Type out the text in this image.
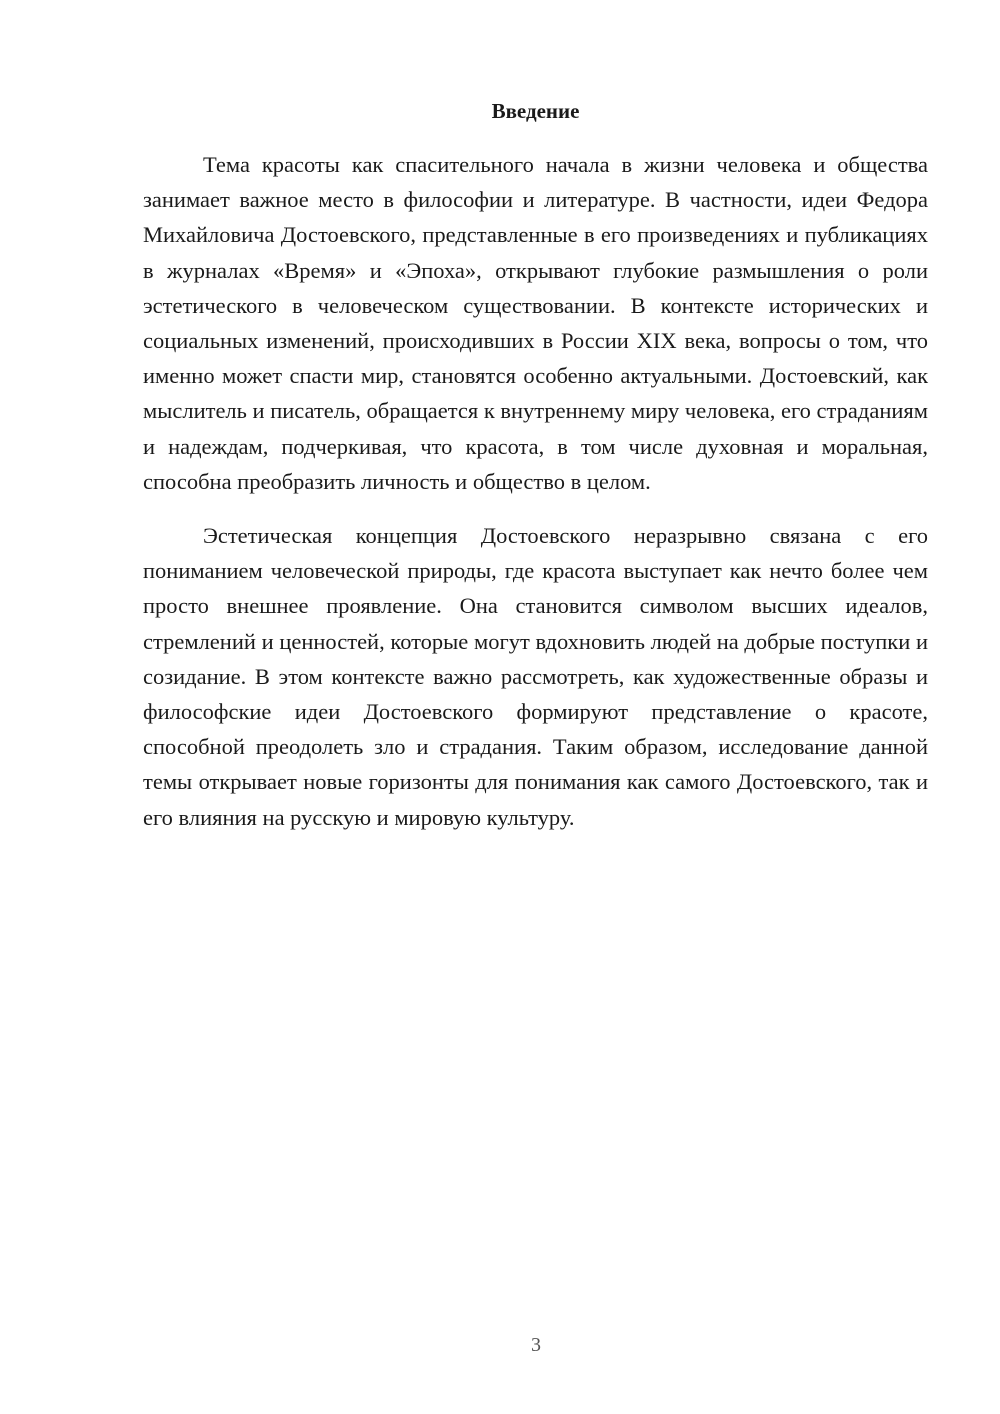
Введение

Тема красоты как спасительного начала в жизни человека и общества занимает важное место в философии и литературе. В частности, идеи Федора Михайловича Достоевского, представленные в его произведениях и публикациях в журналах «Время» и «Эпоха», открывают глубокие размышления о роли эстетического в человеческом существовании. В контексте исторических и социальных изменений, происходивших в России XIX века, вопросы о том, что именно может спасти мир, становятся особенно актуальными. Достоевский, как мыслитель и писатель, обращается к внутреннему миру человека, его страданиям и надеждам, подчеркивая, что красота, в том числе духовная и моральная, способна преобразить личность и общество в целом.

Эстетическая концепция Достоевского неразрывно связана с его пониманием человеческой природы, где красота выступает как нечто более чем просто внешнее проявление. Она становится символом высших идеалов, стремлений и ценностей, которые могут вдохновить людей на добрые поступки и созидание. В этом контексте важно рассмотреть, как художественные образы и философские идеи Достоевского формируют представление о красоте, способной преодолеть зло и страдания. Таким образом, исследование данной темы открывает новые горизонты для понимания как самого Достоевского, так и его влияния на русскую и мировую культуру.

3
